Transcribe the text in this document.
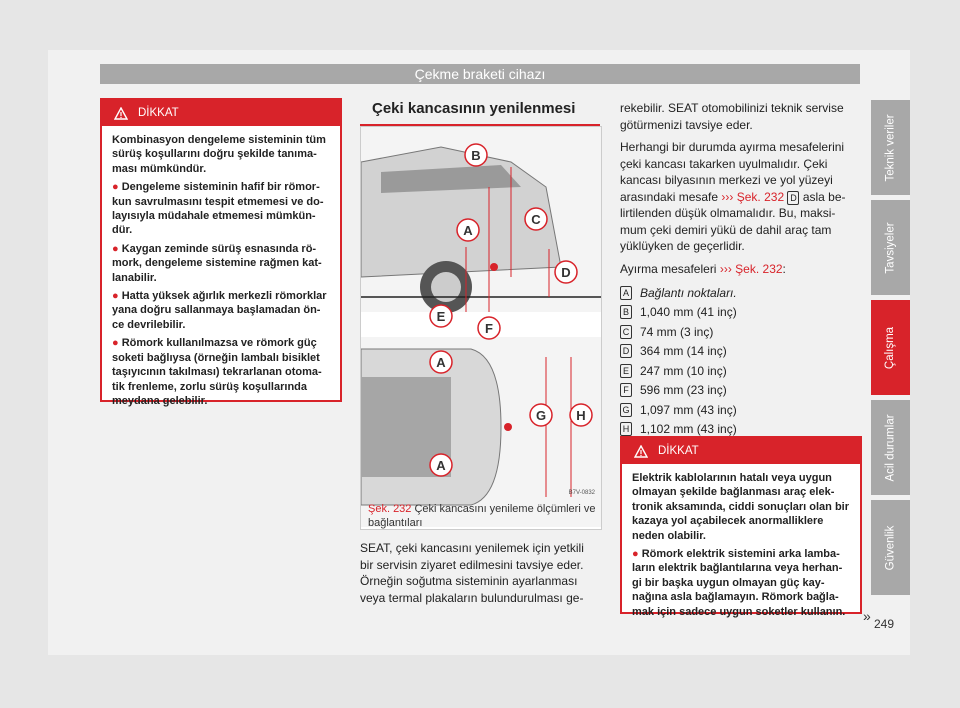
Çekme braketi cihazı
DİKKAT

Kombinasyon dengeleme sisteminin tüm sürüş koşullarını doğru şekilde tanıma-ması mümkündür.

● Dengeleme sisteminin hafif bir römor-kun savrulmasını tespit etmemesi ve do-layısıyla müdahale etmemesi mümkün-dür.

● Kaygan zeminde sürüş esnasında rö-mork, dengeleme sistemine rağmen kat-lanabilir.

● Hatta yüksek ağırlık merkezli römorklar yana doğru sallanmaya başlamadan ön-ce devrilebilir.

● Römork kullanılmazsa ve römork güç soketi bağlıysa (örneğin lambalı bisiklet taşıyıcının takılması) tekrarlanan otoma-tik frenleme, zorlu sürüş koşullarında meydana gelebilir.

Çeki kancasının yenilenmesi
B
C
A
D
E
F
A
G H
A
B7V-0832
Şek. 232 Çeki kancasını yenileme ölçümleri ve bağlantıları

SEAT, çeki kancasını yenilemek için yetkili bir servisin ziyaret edilmesini tavsiye eder. Örneğin soğutma sisteminin ayarlanması veya termal plakaların bulundurulması ge-

rekebilir. SEAT otomobilinizi teknik servise götürmenizi tavsiye eder.

Herhangi bir durumda ayırma mesafelerini çeki kancası takarken uyulmalıdır. Çeki kancası bilyasının merkezi ve yol yüzeyi arasındaki mesafe ››› Şek. 232 D asla be-lirtilenden düşük olmamalıdır. Bu, maksi-mum çeki demiri yükü de dahil araç tam yüklüyken de geçerlidir.

Ayırma mesafeleri ››› Şek. 232:

A Bağlantı noktaları.
B 1,040 mm (41 inç)
C 74 mm (3 inç)
D 364 mm (14 inç)
E 247 mm (10 inç)
F 596 mm (23 inç)
G 1,097 mm (43 inç)
H 1,102 mm (43 inç)
DİKKAT

Elektrik kablolarının hatalı veya uygun olmayan şekilde bağlanması araç elek-tronik aksamında, ciddi sonuçları olan bir kazaya yol açabilecek anormalliklere neden olabilir.

● Römork elektrik sistemini arka lamba-ların elektrik bağlantılarına veya herhan-gi bir başka uygun olmayan güç kay-nağına asla bağlamayın. Römork bağla-mak için sadece uygun soketler kullanın.	»
Teknik veriler
Tavsiyeler
Çalışma
Acil durumlar
Güvenlik
249
